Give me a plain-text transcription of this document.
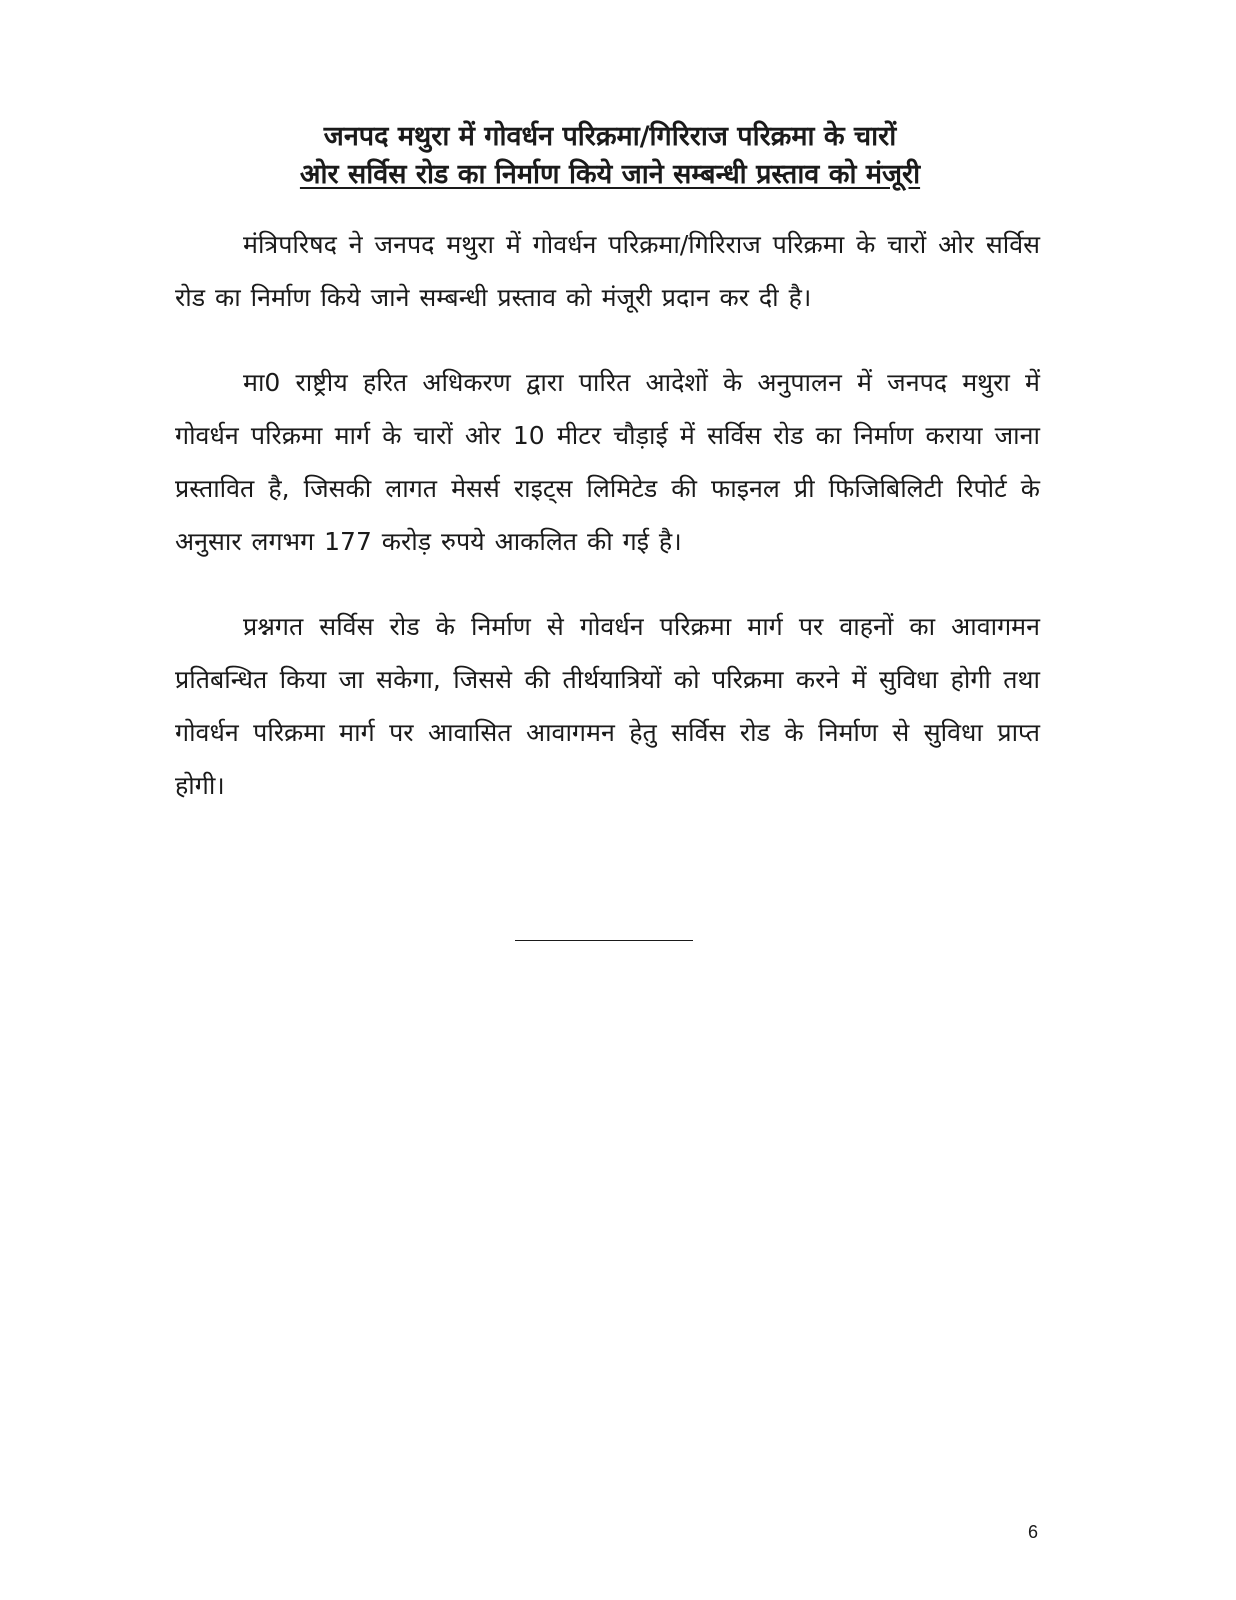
जनपद मथुरा में गोवर्धन परिक्रमा/गिरिराज परिक्रमा के चारों
ओर सर्विस रोड का निर्माण किये जाने सम्बन्धी प्रस्ताव को मंजूरी

मंत्रिपरिषद ने जनपद मथुरा में गोवर्धन परिक्रमा/गिरिराज परिक्रमा के चारों ओर सर्विस रोड का निर्माण किये जाने सम्बन्धी प्रस्ताव को मंजूरी प्रदान कर दी है।

मा0 राष्ट्रीय हरित अधिकरण द्वारा पारित आदेशों के अनुपालन में जनपद मथुरा में गोवर्धन परिक्रमा मार्ग के चारों ओर 10 मीटर चौड़ाई में सर्विस रोड का निर्माण कराया जाना प्रस्तावित है, जिसकी लागत मेसर्स राइट्स लिमिटेड की फाइनल प्री फिजिबिलिटी रिपोर्ट के अनुसार लगभग 177 करोड़ रुपये आकलित की गई है।

प्रश्नगत सर्विस रोड के निर्माण से गोवर्धन परिक्रमा मार्ग पर वाहनों का आवागमन प्रतिबन्धित किया जा सकेगा, जिससे की तीर्थयात्रियों को परिक्रमा करने में सुविधा होगी तथा गोवर्धन परिक्रमा मार्ग पर आवासित आवागमन हेतु सर्विस रोड के निर्माण से सुविधा प्राप्त होगी।

6
